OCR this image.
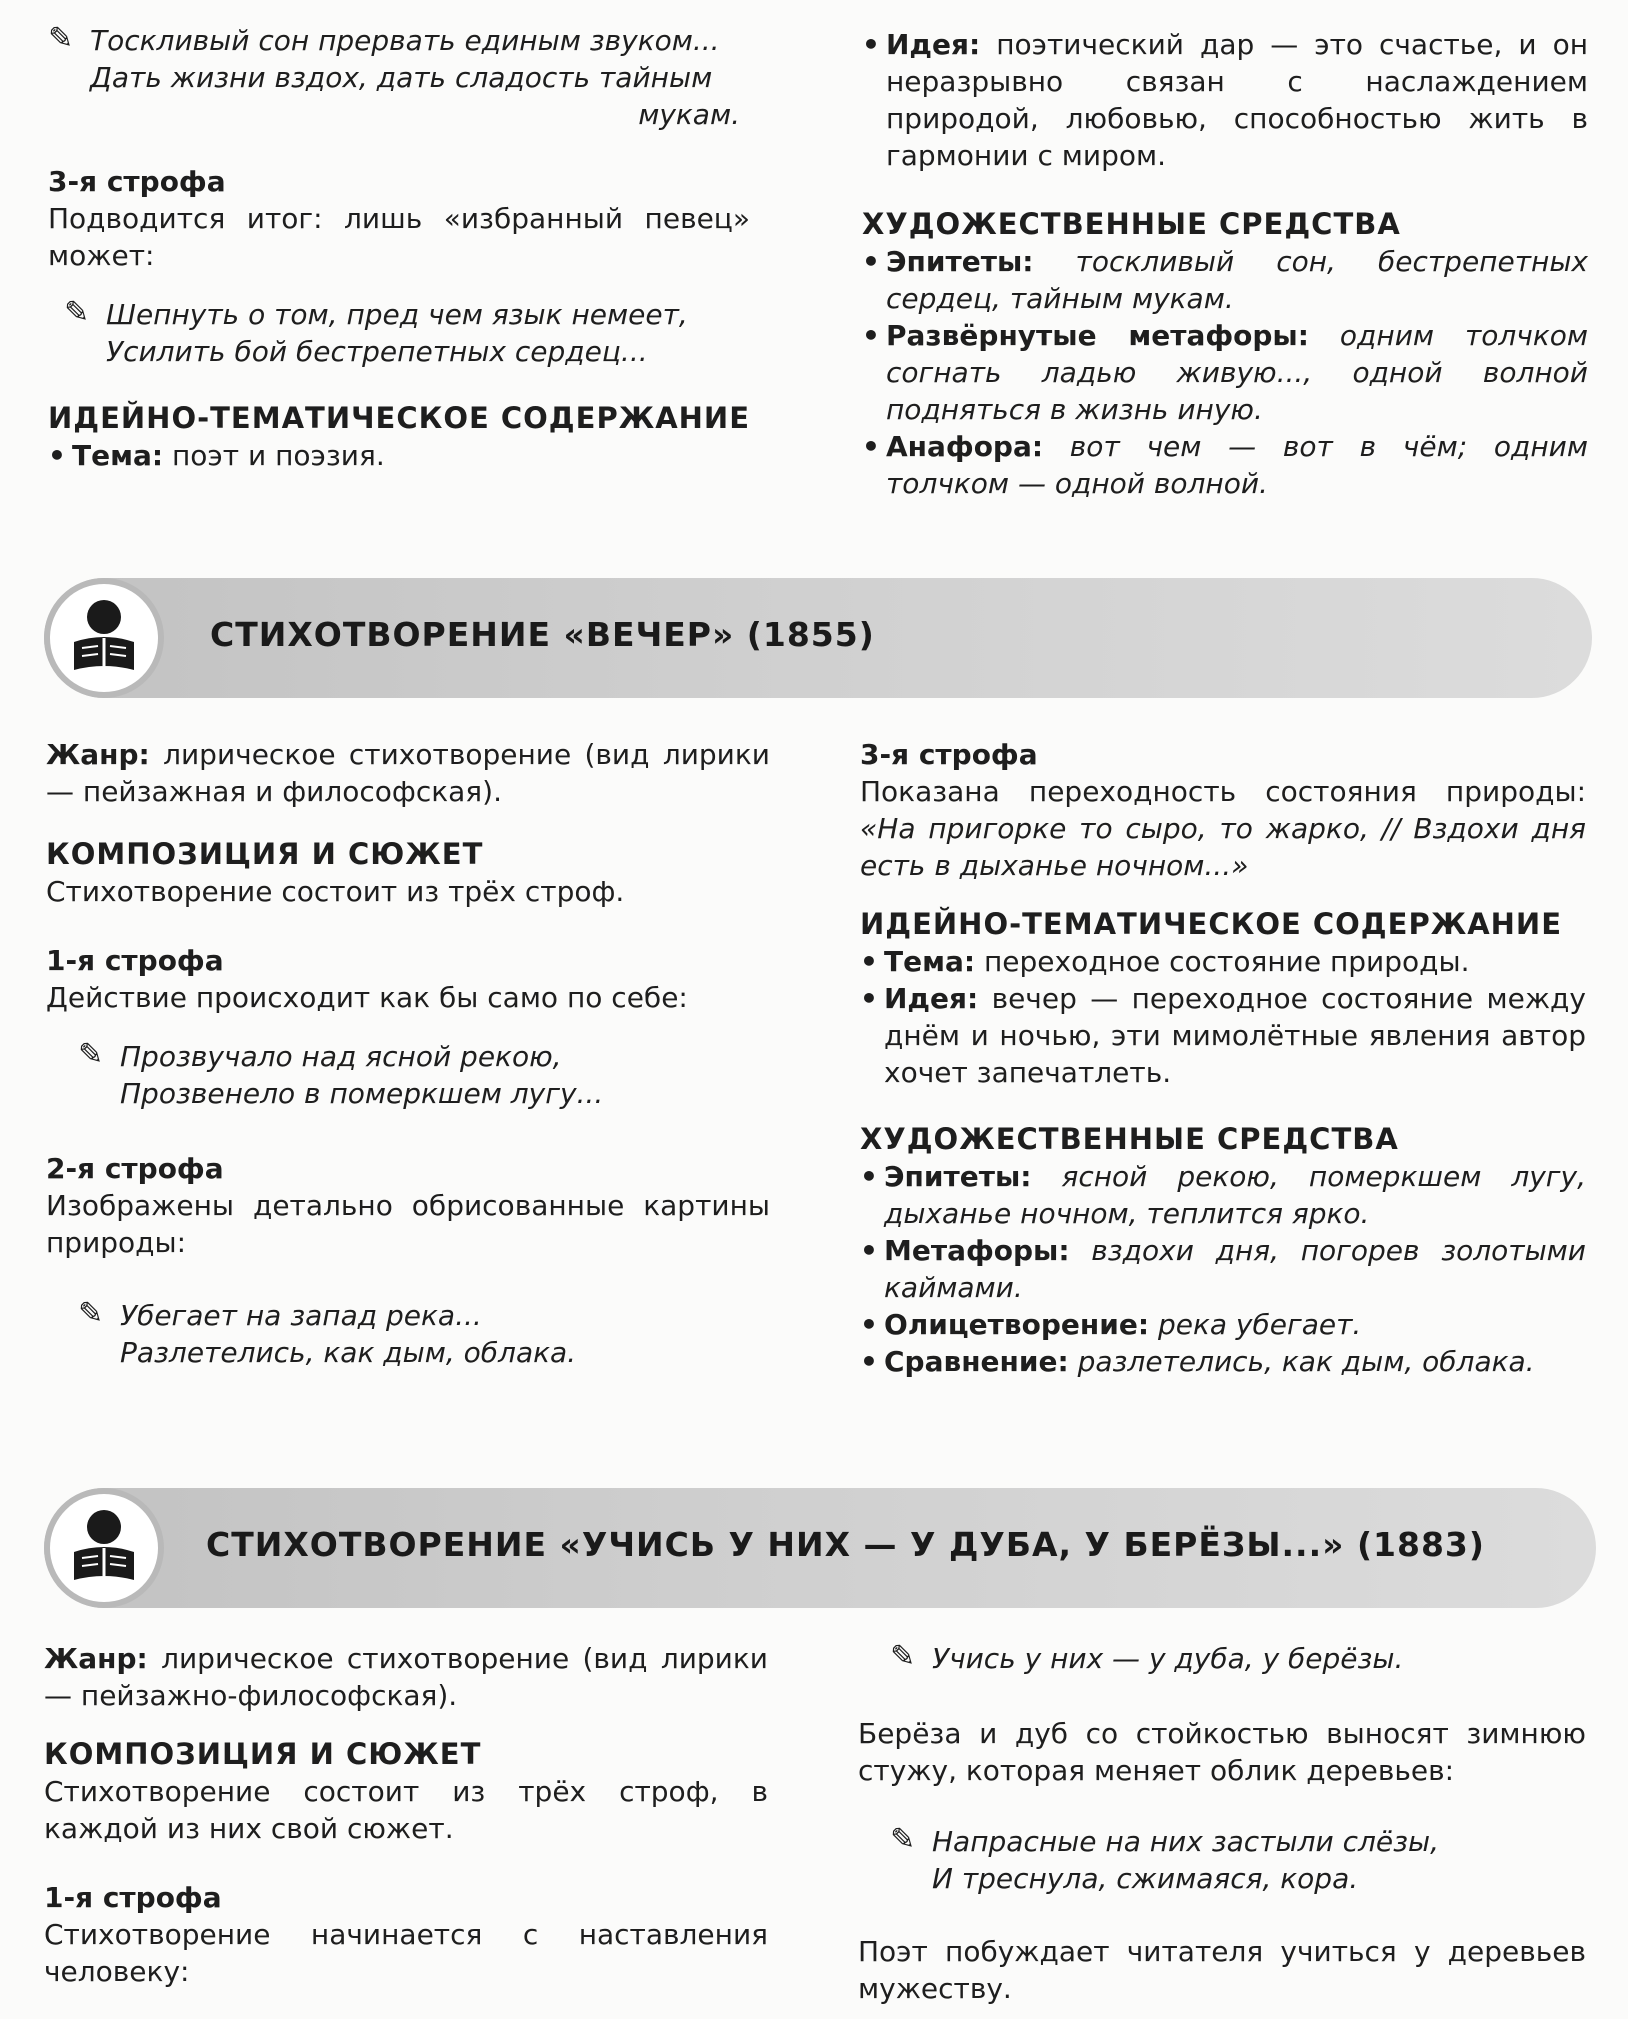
✎ Тоскливый сон прервать единым звуком...
Дать жизни вздох, дать сладость тайным
мукам.

3-я строфа

Подводится итог: лишь «избранный певец» может:

✎ Шепнуть о том, пред чем язык немеет,
Усилить бой бестрепетных сердец...

ИДЕЙНО-ТЕМАТИЧЕСКОЕ СОДЕРЖАНИЕ

• Тема: поэт и поэзия.
• Идея: поэтический дар — это счастье, и он неразрывно связан с наслаждением природой, любовью, способностью жить в гармонии с миром.

ХУДОЖЕСТВЕННЫЕ СРЕДСТВА

• Эпитеты: тоскливый сон, бестрепетных сердец, тайным мукам.
• Развёрнутые метафоры: одним толчком согнать ладью живую..., одной волной подняться в жизнь иную.
• Анафора: вот чем — вот в чём; одним толчком — одной волной.
СТИХОТВОРЕНИЕ «ВЕЧЕР» (1855)

Жанр: лирическое стихотворение (вид лирики — пейзажная и философская).

КОМПОЗИЦИЯ И СЮЖЕТ

Стихотворение состоит из трёх строф.

1-я строфа

Действие происходит как бы само по себе:

✎ Прозвучало над ясной рекою,
Прозвенело в померкшем лугу...

2-я строфа

Изображены детально обрисованные картины природы:

✎ Убегает на запад река...
Разлетелись, как дым, облака.

3-я строфа

Показана переходность состояния природы: «На пригорке то сыро, то жарко, // Вздохи дня есть в дыханье ночном...»

ИДЕЙНО-ТЕМАТИЧЕСКОЕ СОДЕРЖАНИЕ

• Тема: переходное состояние природы.
• Идея: вечер — переходное состояние между днём и ночью, эти мимолётные явления автор хочет запечатлеть.

ХУДОЖЕСТВЕННЫЕ СРЕДСТВА

• Эпитеты: ясной рекою, померкшем лугу, дыханье ночном, теплится ярко.
• Метафоры: вздохи дня, погорев золотыми каймами.
• Олицетворение: река убегает.
• Сравнение: разлетелись, как дым, облака.
СТИХОТВОРЕНИЕ «УЧИСЬ У НИХ — У ДУБА, У БЕРЁЗЫ...» (1883)

Жанр: лирическое стихотворение (вид лирики — пейзажно-философская).

КОМПОЗИЦИЯ И СЮЖЕТ

Стихотворение состоит из трёх строф, в каждой из них свой сюжет.

1-я строфа

Стихотворение начинается с наставления человеку:

✎ Учись у них — у дуба, у берёзы.

Берёза и дуб со стойкостью выносят зимнюю стужу, которая меняет облик деревьев:

✎ Напрасные на них застыли слёзы,
И треснула, сжимаяся, кора.

Поэт побуждает читателя учиться у деревьев мужеству.
